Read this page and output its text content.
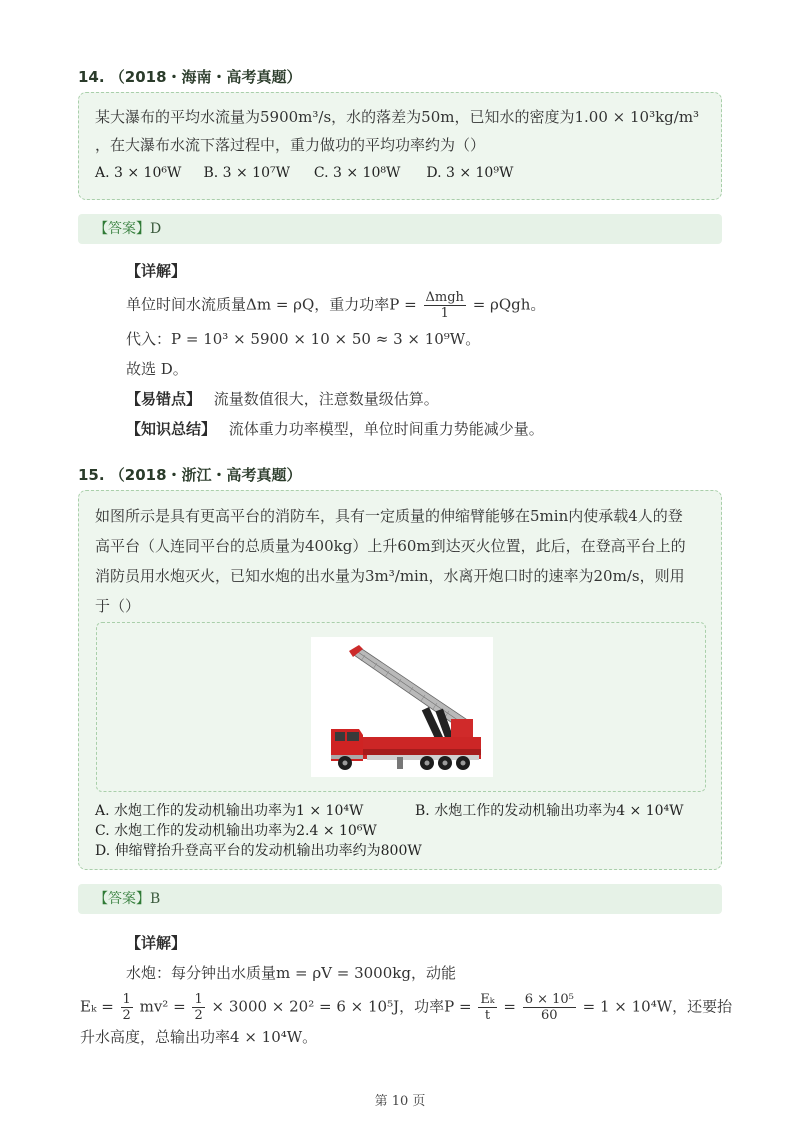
14. （2018・海南・高考真题）
某大瀑布的平均水流量为5900m³/s，水的落差为50m，已知水的密度为1.00 × 10³kg/m³
，在大瀑布水流下落过程中，重力做功的平均功率约为（）
A. 3 × 10⁶W B. 3 × 10⁷W C. 3 × 10⁸W D. 3 × 10⁹W
【答案】D
【详解】
单位时间水流质量Δm = ρQ，重力功率$P = \frac{\text{Δmgh}}{1} = \rho Qgh$。
代入：P = 10³ × 5900 × 10 × 50 ≈ 3 × 10⁹W。
故选 D。
【易错点】 流量数值很大，注意数量级估算。
【知识总结】 流体重力功率模型，单位时间重力势能减少量。
15. （2018・浙江・高考真题）
如图所示是具有更高平台的消防车，具有一定质量的伸缩臂能够在5min内使承载4人的登
高平台（人连同平台的总质量为400kg）上升60m到达灭火位置，此后，在登高平台上的
消防员用水炮灭火，已知水炮的出水量为3m³/min，水离开炮口时的速率为20m/s，则用
于（）
A. 水炮工作的发动机输出功率为1 × 10⁴W	B. 水炮工作的发动机输出功率为4 × 10⁴W
C. 水炮工作的发动机输出功率为2.4 × 10⁶W
D. 伸缩臂抬升登高平台的发动机输出功率约为800W
【答案】B
【详解】
水炮：每分钟出水质量m = ρV = 3000kg，动能
$E_k = \frac{1}{2} mv^2 = \frac{1}{2} \times 3000 \times 20^2 = 6 \times 10^5J$，功率$P = \frac{\text{Eₖ}}{t} = \frac{\text{6 × 10⁵}}{60} = 1 \times 10^4W$，还要抬
升水高度，总输出功率4 × 10⁴W。
第 10 页
